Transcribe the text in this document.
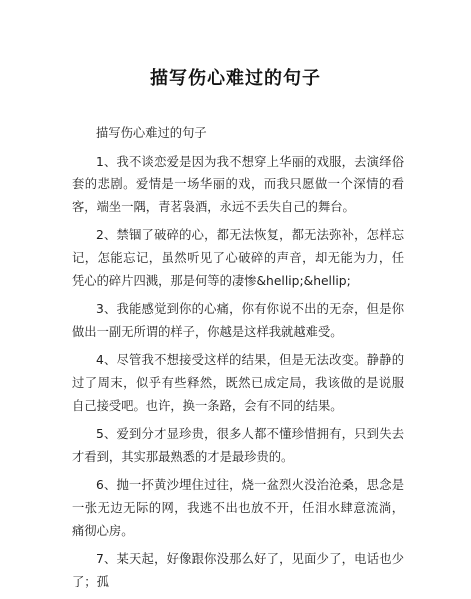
描写伤心难过的句子

描写伤心难过的句子

1、我不谈恋爱是因为我不想穿上华丽的戏服，去演绎俗套的悲剧。爱情是一场华丽的戏，而我只愿做一个深情的看客，端坐一隅，青茗袅酒，永远不丢失自己的舞台。

2、禁锢了破碎的心，都无法恢复，都无法弥补，怎样忘记，怎能忘记，虽然听见了心破碎的声音，却无能为力，任凭心的碎片四溅，那是何等的凄惨&hellip;&hellip;

3、我能感觉到你的心痛，你有你说不出的无奈，但是你做出一副无所谓的样子，你越是这样我就越难受。

4、尽管我不想接受这样的结果，但是无法改变。静静的过了周末，似乎有些释然，既然已成定局，我该做的是说服自己接受吧。也许，换一条路，会有不同的结果。

5、爱到分才显珍贵，很多人都不懂珍惜拥有，只到失去才看到，其实那最熟悉的才是最珍贵的。

6、抛一抔黄沙埋住过往，烧一盆烈火没治沧桑，思念是一张无边无际的网，我逃不出也放不开，任泪水肆意流淌，痛彻心房。

7、某天起，好像跟你没那么好了，见面少了，电话也少了；孤
